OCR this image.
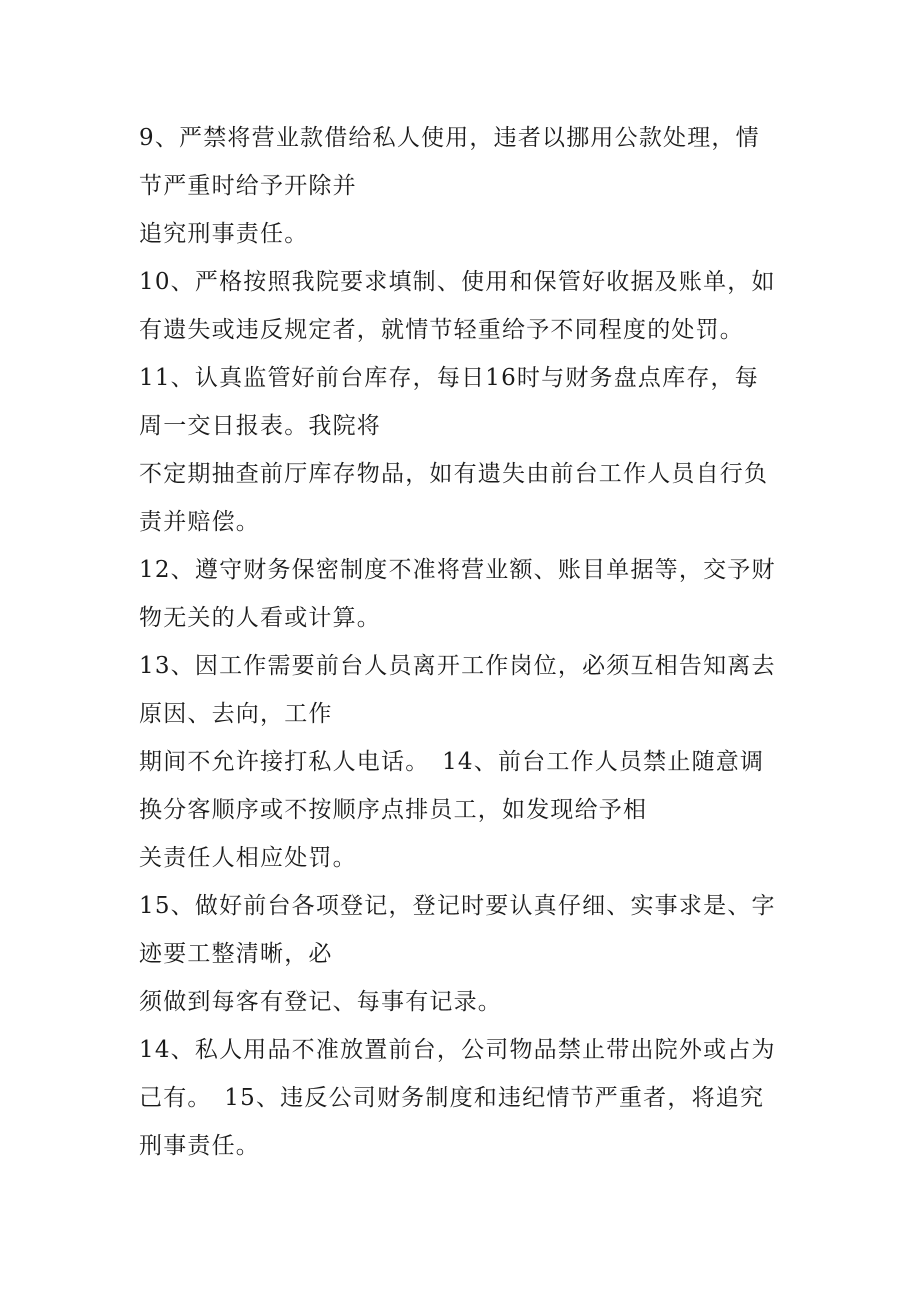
9、严禁将营业款借给私人使用，违者以挪用公款处理，情
节严重时给予开除并
追究刑事责任。
10、严格按照我院要求填制、使用和保管好收据及账单，如
有遗失或违反规定者，就情节轻重给予不同程度的处罚。
11、认真监管好前台库存，每日16时与财务盘点库存，每
周一交日报表。我院将
不定期抽查前厅库存物品，如有遗失由前台工作人员自行负
责并赔偿。
12、遵守财务保密制度不准将营业额、账目单据等，交予财
物无关的人看或计算。
13、因工作需要前台人员离开工作岗位，必须互相告知离去
原因、去向，工作
期间不允许接打私人电话。　14、前台工作人员禁止随意调
换分客顺序或不按顺序点排员工，如发现给予相
关责任人相应处罚。
15、做好前台各项登记，登记时要认真仔细、实事求是、字
迹要工整清晰，必
须做到每客有登记、每事有记录。
14、私人用品不准放置前台，公司物品禁止带出院外或占为
己有。　15、违反公司财务制度和违纪情节严重者，将追究
刑事责任。
